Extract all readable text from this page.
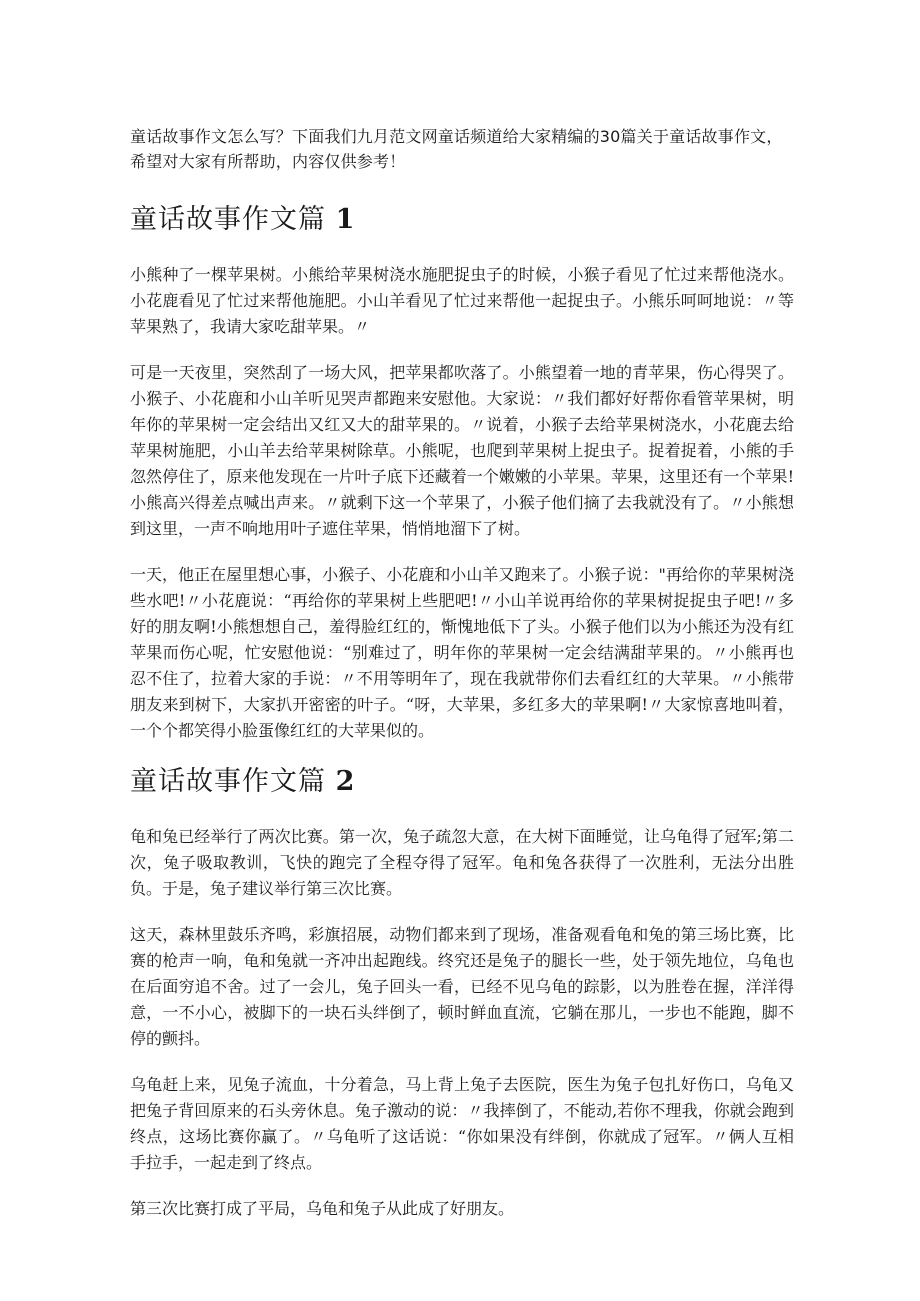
童话故事作文怎么写？下面我们九月范文网童话频道给大家精编的30篇关于童话故事作文，希望对大家有所帮助，内容仅供参考！

童话故事作文篇 1

小熊种了一棵苹果树。小熊给苹果树浇水施肥捉虫子的时候，小猴子看见了忙过来帮他浇水。小花鹿看见了忙过来帮他施肥。小山羊看见了忙过来帮他一起捉虫子。小熊乐呵呵地说：〃等苹果熟了，我请大家吃甜苹果。〃

可是一天夜里，突然刮了一场大风，把苹果都吹落了。小熊望着一地的青苹果，伤心得哭了。小猴子、小花鹿和小山羊听见哭声都跑来安慰他。大家说：〃我们都好好帮你看管苹果树，明年你的苹果树一定会结出又红又大的甜苹果的。〃说着，小猴子去给苹果树浇水，小花鹿去给苹果树施肥，小山羊去给苹果树除草。小熊呢，也爬到苹果树上捉虫子。捉着捉着，小熊的手忽然停住了，原来他发现在一片叶子底下还藏着一个嫩嫩的小苹果。苹果，这里还有一个苹果!小熊高兴得差点喊出声来。〃就剩下这一个苹果了，小猴子他们摘了去我就没有了。〃小熊想到这里，一声不响地用叶子遮住苹果，悄悄地溜下了树。

一天，他正在屋里想心事，小猴子、小花鹿和小山羊又跑来了。小猴子说："再给你的苹果树浇些水吧!〃小花鹿说：“再给你的苹果树上些肥吧!〃小山羊说再给你的苹果树捉捉虫子吧!〃多好的朋友啊!小熊想想自己，羞得脸红红的，惭愧地低下了头。小猴子他们以为小熊还为没有红苹果而伤心呢，忙安慰他说：“别难过了，明年你的苹果树一定会结满甜苹果的。〃小熊再也忍不住了，拉着大家的手说：〃不用等明年了，现在我就带你们去看红红的大苹果。〃小熊带朋友来到树下，大家扒开密密的叶子。“呀，大苹果，多红多大的苹果啊!〃大家惊喜地叫着，一个个都笑得小脸蛋像红红的大苹果似的。

童话故事作文篇 2

龟和兔已经举行了两次比赛。第一次，兔子疏忽大意，在大树下面睡觉，让乌龟得了冠军;第二次，兔子吸取教训，飞快的跑完了全程夺得了冠军。龟和兔各获得了一次胜利，无法分出胜负。于是，兔子建议举行第三次比赛。

这天，森林里鼓乐齐鸣，彩旗招展，动物们都来到了现场，准备观看龟和兔的第三场比赛，比赛的枪声一响，龟和兔就一齐冲出起跑线。终究还是兔子的腿长一些，处于领先地位，乌龟也在后面穷追不舍。过了一会儿，兔子回头一看，已经不见乌龟的踪影，以为胜卷在握，洋洋得意，一不小心，被脚下的一块石头绊倒了，顿时鲜血直流，它躺在那儿，一步也不能跑，脚不停的颤抖。

乌龟赶上来，见兔子流血，十分着急，马上背上兔子去医院，医生为兔子包扎好伤口，乌龟又把兔子背回原来的石头旁休息。兔子激动的说：〃我摔倒了，不能动,若你不理我，你就会跑到终点，这场比赛你赢了。〃乌龟听了这话说：“你如果没有绊倒，你就成了冠军。〃俩人互相手拉手，一起走到了终点。

第三次比赛打成了平局，乌龟和兔子从此成了好朋友。
